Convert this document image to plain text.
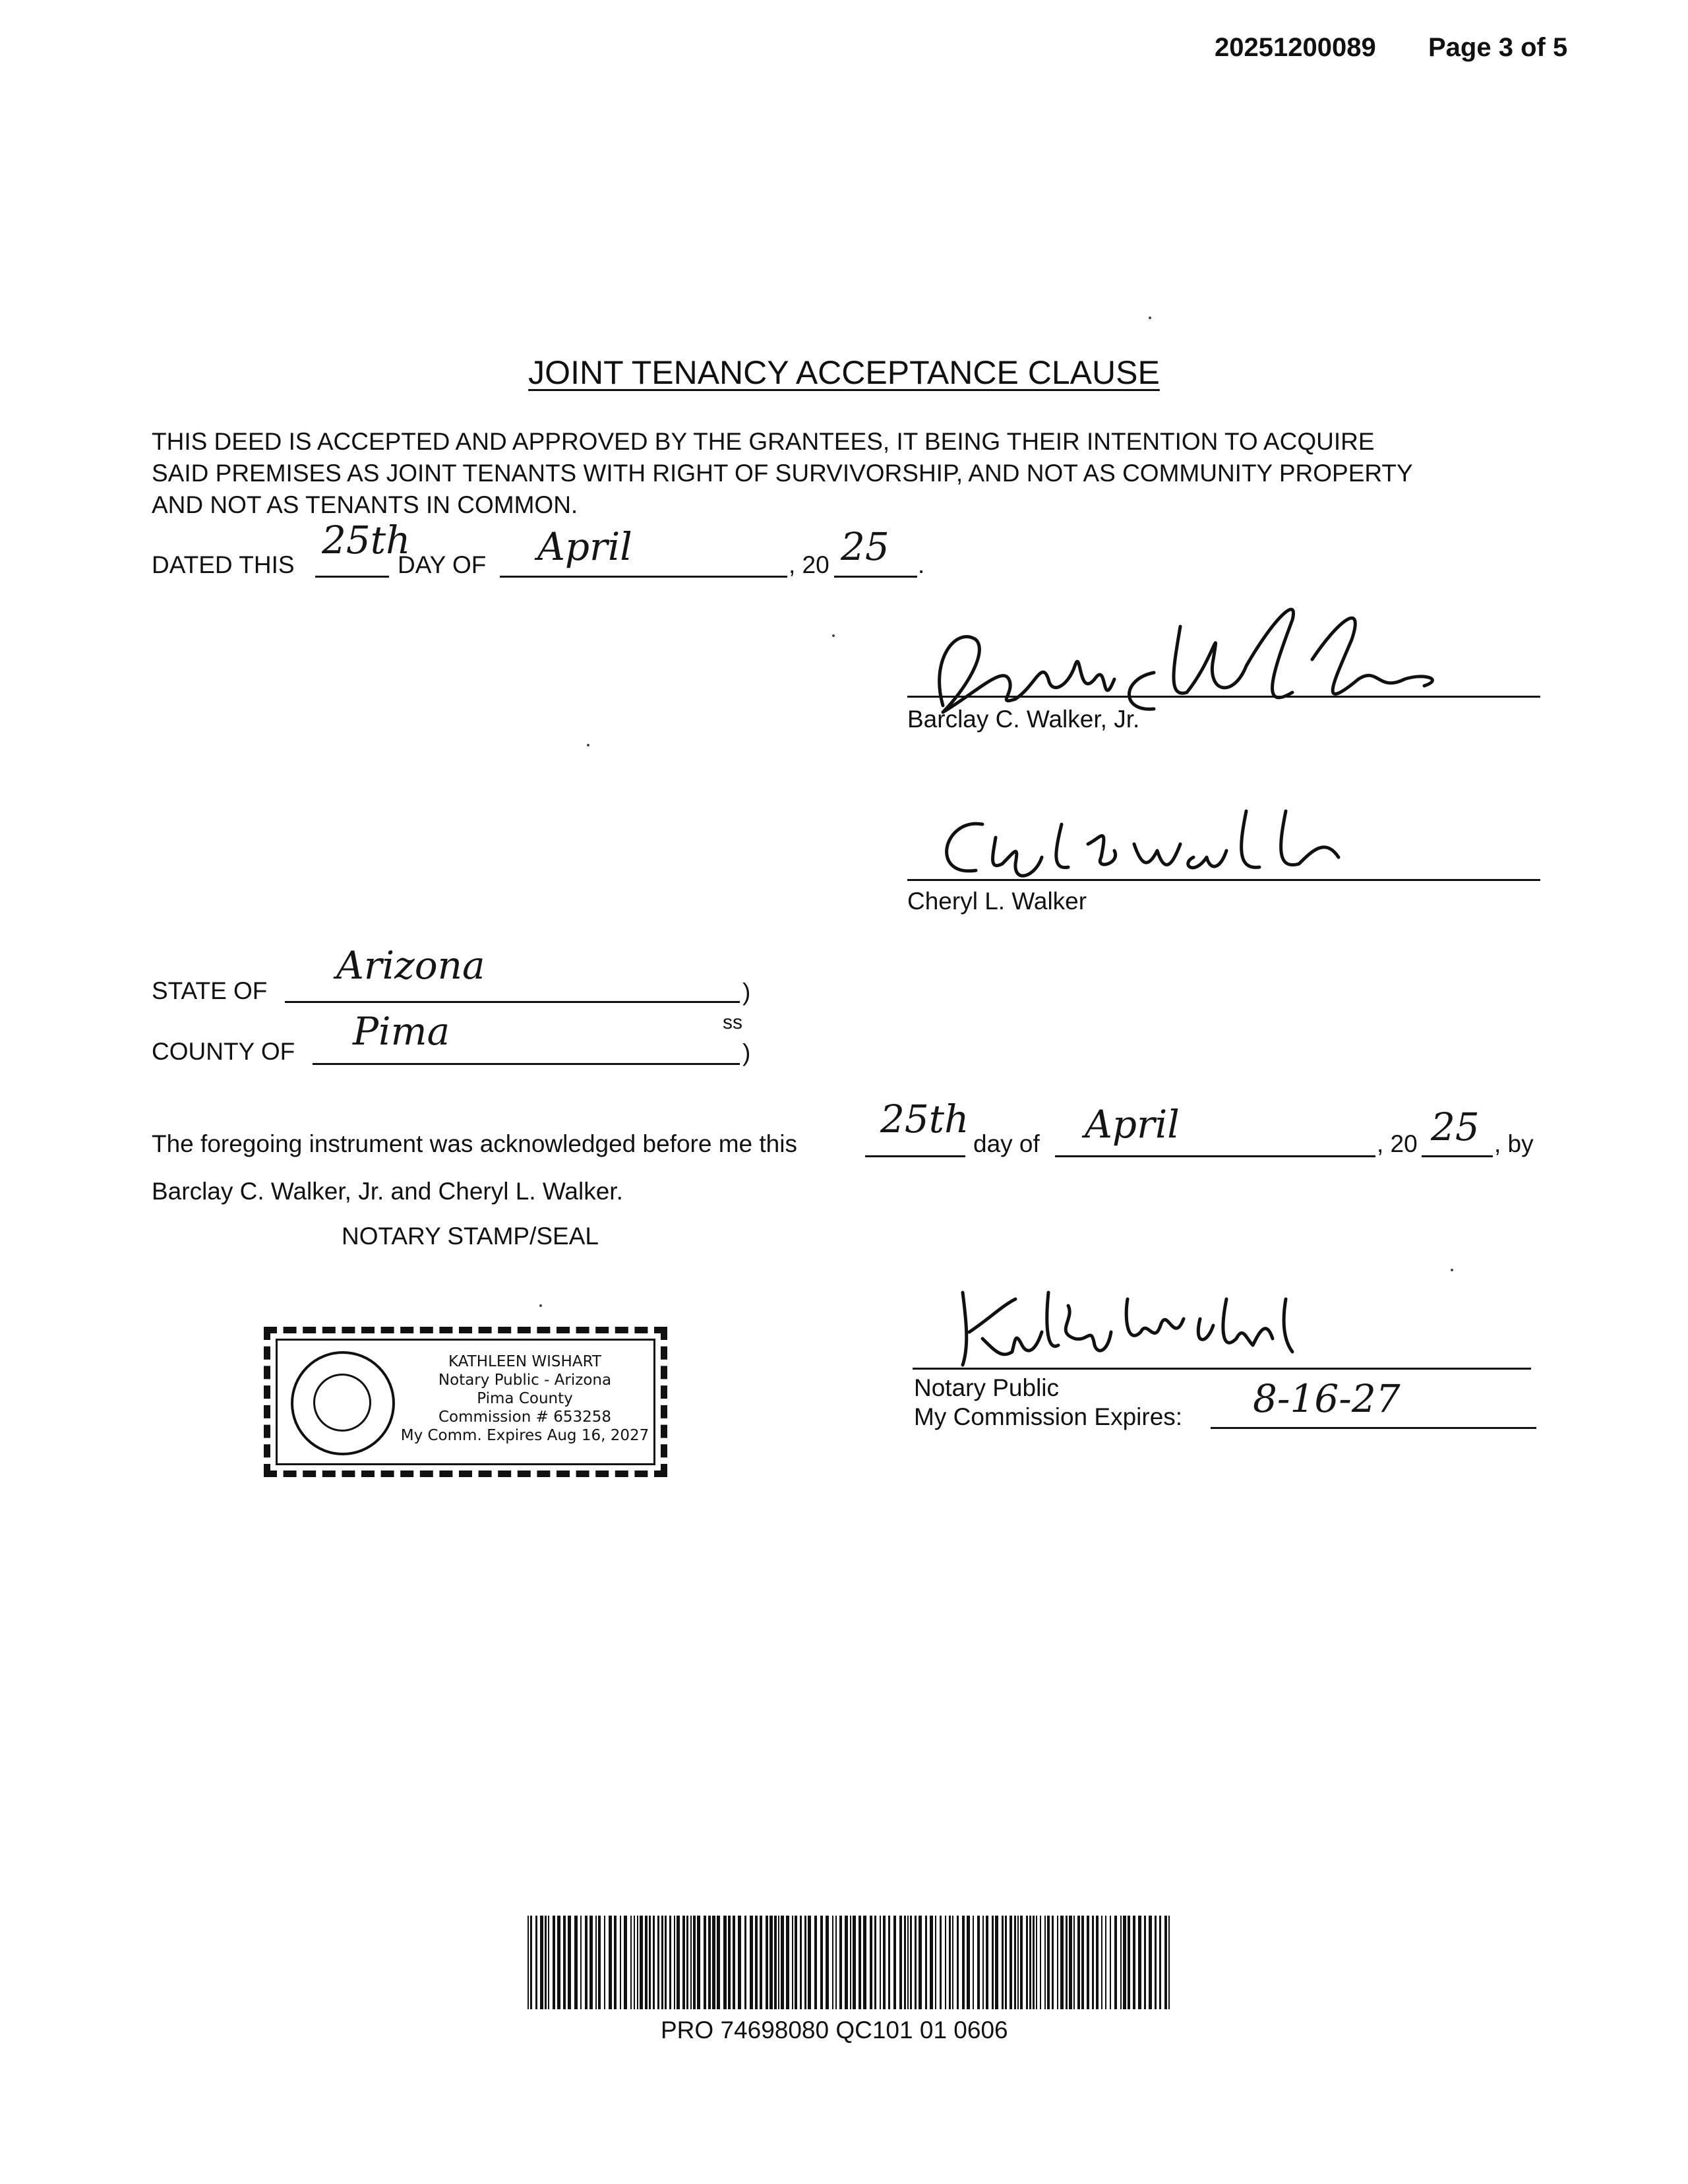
20251200089 Page 3 of 5
JOINT TENANCY ACCEPTANCE CLAUSE
THIS DEED IS ACCEPTED AND APPROVED BY THE GRANTEES, IT BEING THEIR INTENTION TO ACQUIRE
SAID PREMISES AS JOINT TENANTS WITH RIGHT OF SURVIVORSHIP, AND NOT AS COMMUNITY PROPERTY
AND NOT AS TENANTS IN COMMON.
DATED THIS
25th
DAY OF April	, 20 25 .
Barclay C. Walker, Jr.
Cheryl L. Walker
STATE OF
Arizona
)
ss
COUNTY OF Pima	)
The foregoing instrument was acknowledged before me this
25th
day of April	, 20 25 , by
Barclay C. Walker, Jr. and Cheryl L. Walker.
NOTARY STAMP/SEAL
KATHLEEN WISHART
Notary Public - Arizona
Pima County
Commission # 653258
My Comm. Expires Aug 16, 2027
Notary Public
My Commission Expires: 8-16-27
PRO 74698080 QC101 01 0606
